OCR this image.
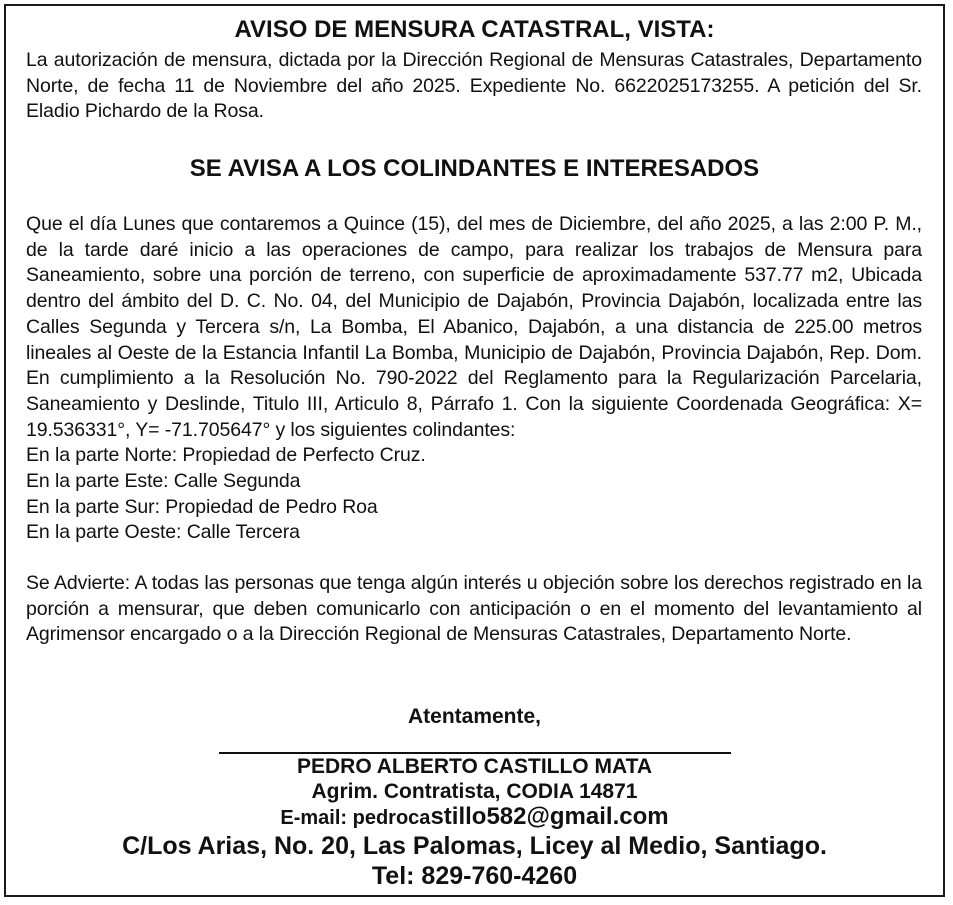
AVISO DE MENSURA CATASTRAL, VISTA:
La autorización de mensura, dictada por la Dirección Regional de Mensuras Catastrales, Departamento Norte, de fecha 11 de Noviembre del año 2025. Expediente No. 6622025173255. A petición del Sr. Eladio Pichardo de la Rosa.
SE AVISA A LOS COLINDANTES E INTERESADOS
Que el día Lunes que contaremos a Quince (15), del mes de Diciembre, del año 2025, a las 2:00 P. M., de la tarde daré inicio a las operaciones de campo, para realizar los trabajos de Mensura para Saneamiento, sobre una porción de terreno, con superficie de aproximadamente 537.77 m2, Ubicada dentro del ámbito del D. C. No. 04, del Municipio de Dajabón, Provincia Dajabón, localizada entre las Calles Segunda y Tercera s/n, La Bomba, El Abanico, Dajabón, a una distancia de 225.00 metros lineales al Oeste de la Estancia Infantil La Bomba, Municipio de Dajabón, Provincia Dajabón, Rep. Dom. En cumplimiento a la Resolución No. 790-2022 del Reglamento para la Regularización Parcelaria, Saneamiento y Deslinde, Titulo III, Articulo 8, Párrafo 1. Con la siguiente Coordenada Geográfica: X= 19.536331°, Y= -71.705647° y los siguientes colindantes:
En la parte Norte: Propiedad de Perfecto Cruz.
En la parte Este: Calle Segunda
En la parte Sur: Propiedad de Pedro Roa
En la parte Oeste: Calle Tercera
Se Advierte: A todas las personas que tenga algún interés u objeción sobre los derechos registrado en la porción a mensurar, que deben comunicarlo con anticipación o en el momento del levantamiento al Agrimensor encargado o a la Dirección Regional de Mensuras Catastrales, Departamento Norte.
Atentamente,
PEDRO ALBERTO CASTILLO MATA
Agrim. Contratista, CODIA 14871
E-mail: pedrocastillo582@gmail.com
C/Los Arias, No. 20, Las Palomas, Licey al Medio, Santiago.
Tel: 829-760-4260
